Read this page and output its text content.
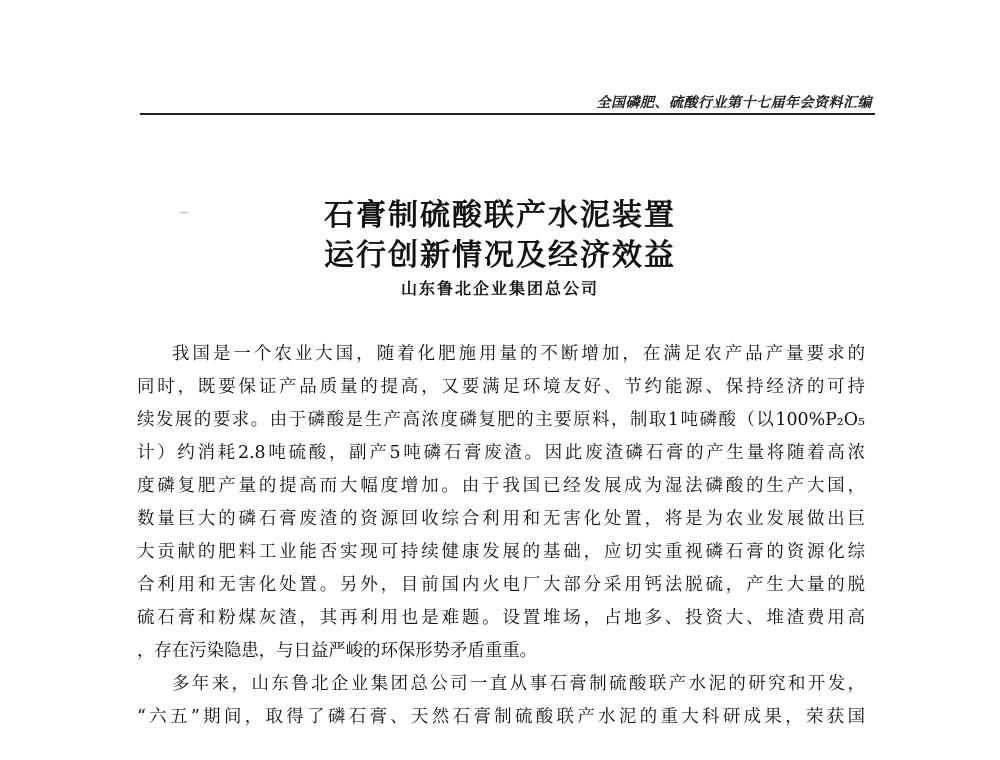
全国磷肥、硫酸行业第十七届年会资料汇编
石膏制硫酸联产水泥装置
运行创新情况及经济效益
山东鲁北企业集团总公司
我国是一个农业大国，随着化肥施用量的不断增加，在满足农产品产量要求的
同时，既要保证产品质量的提高，又要满足环境友好、节约能源、保持经济的可持
续发展的要求。由于磷酸是生产高浓度磷复肥的主要原料，制取1吨磷酸（以100%P₂O₅
计）约消耗2.8吨硫酸，副产5吨磷石膏废渣。因此废渣磷石膏的产生量将随着高浓
度磷复肥产量的提高而大幅度增加。由于我国已经发展成为湿法磷酸的生产大国，
数量巨大的磷石膏废渣的资源回收综合利用和无害化处置，将是为农业发展做出巨
大贡献的肥料工业能否实现可持续健康发展的基础，应切实重视磷石膏的资源化综
合利用和无害化处置。另外，目前国内火电厂大部分采用钙法脱硫，产生大量的脱
硫石膏和粉煤灰渣，其再利用也是难题。设置堆场，占地多、投资大、堆渣费用高
，存在污染隐患，与日益严峻的环保形势矛盾重重。
多年来，山东鲁北企业集团总公司一直从事石膏制硫酸联产水泥的研究和开发，
“六五”期间，取得了磷石膏、天然石膏制硫酸联产水泥的重大科研成果，荣获国
